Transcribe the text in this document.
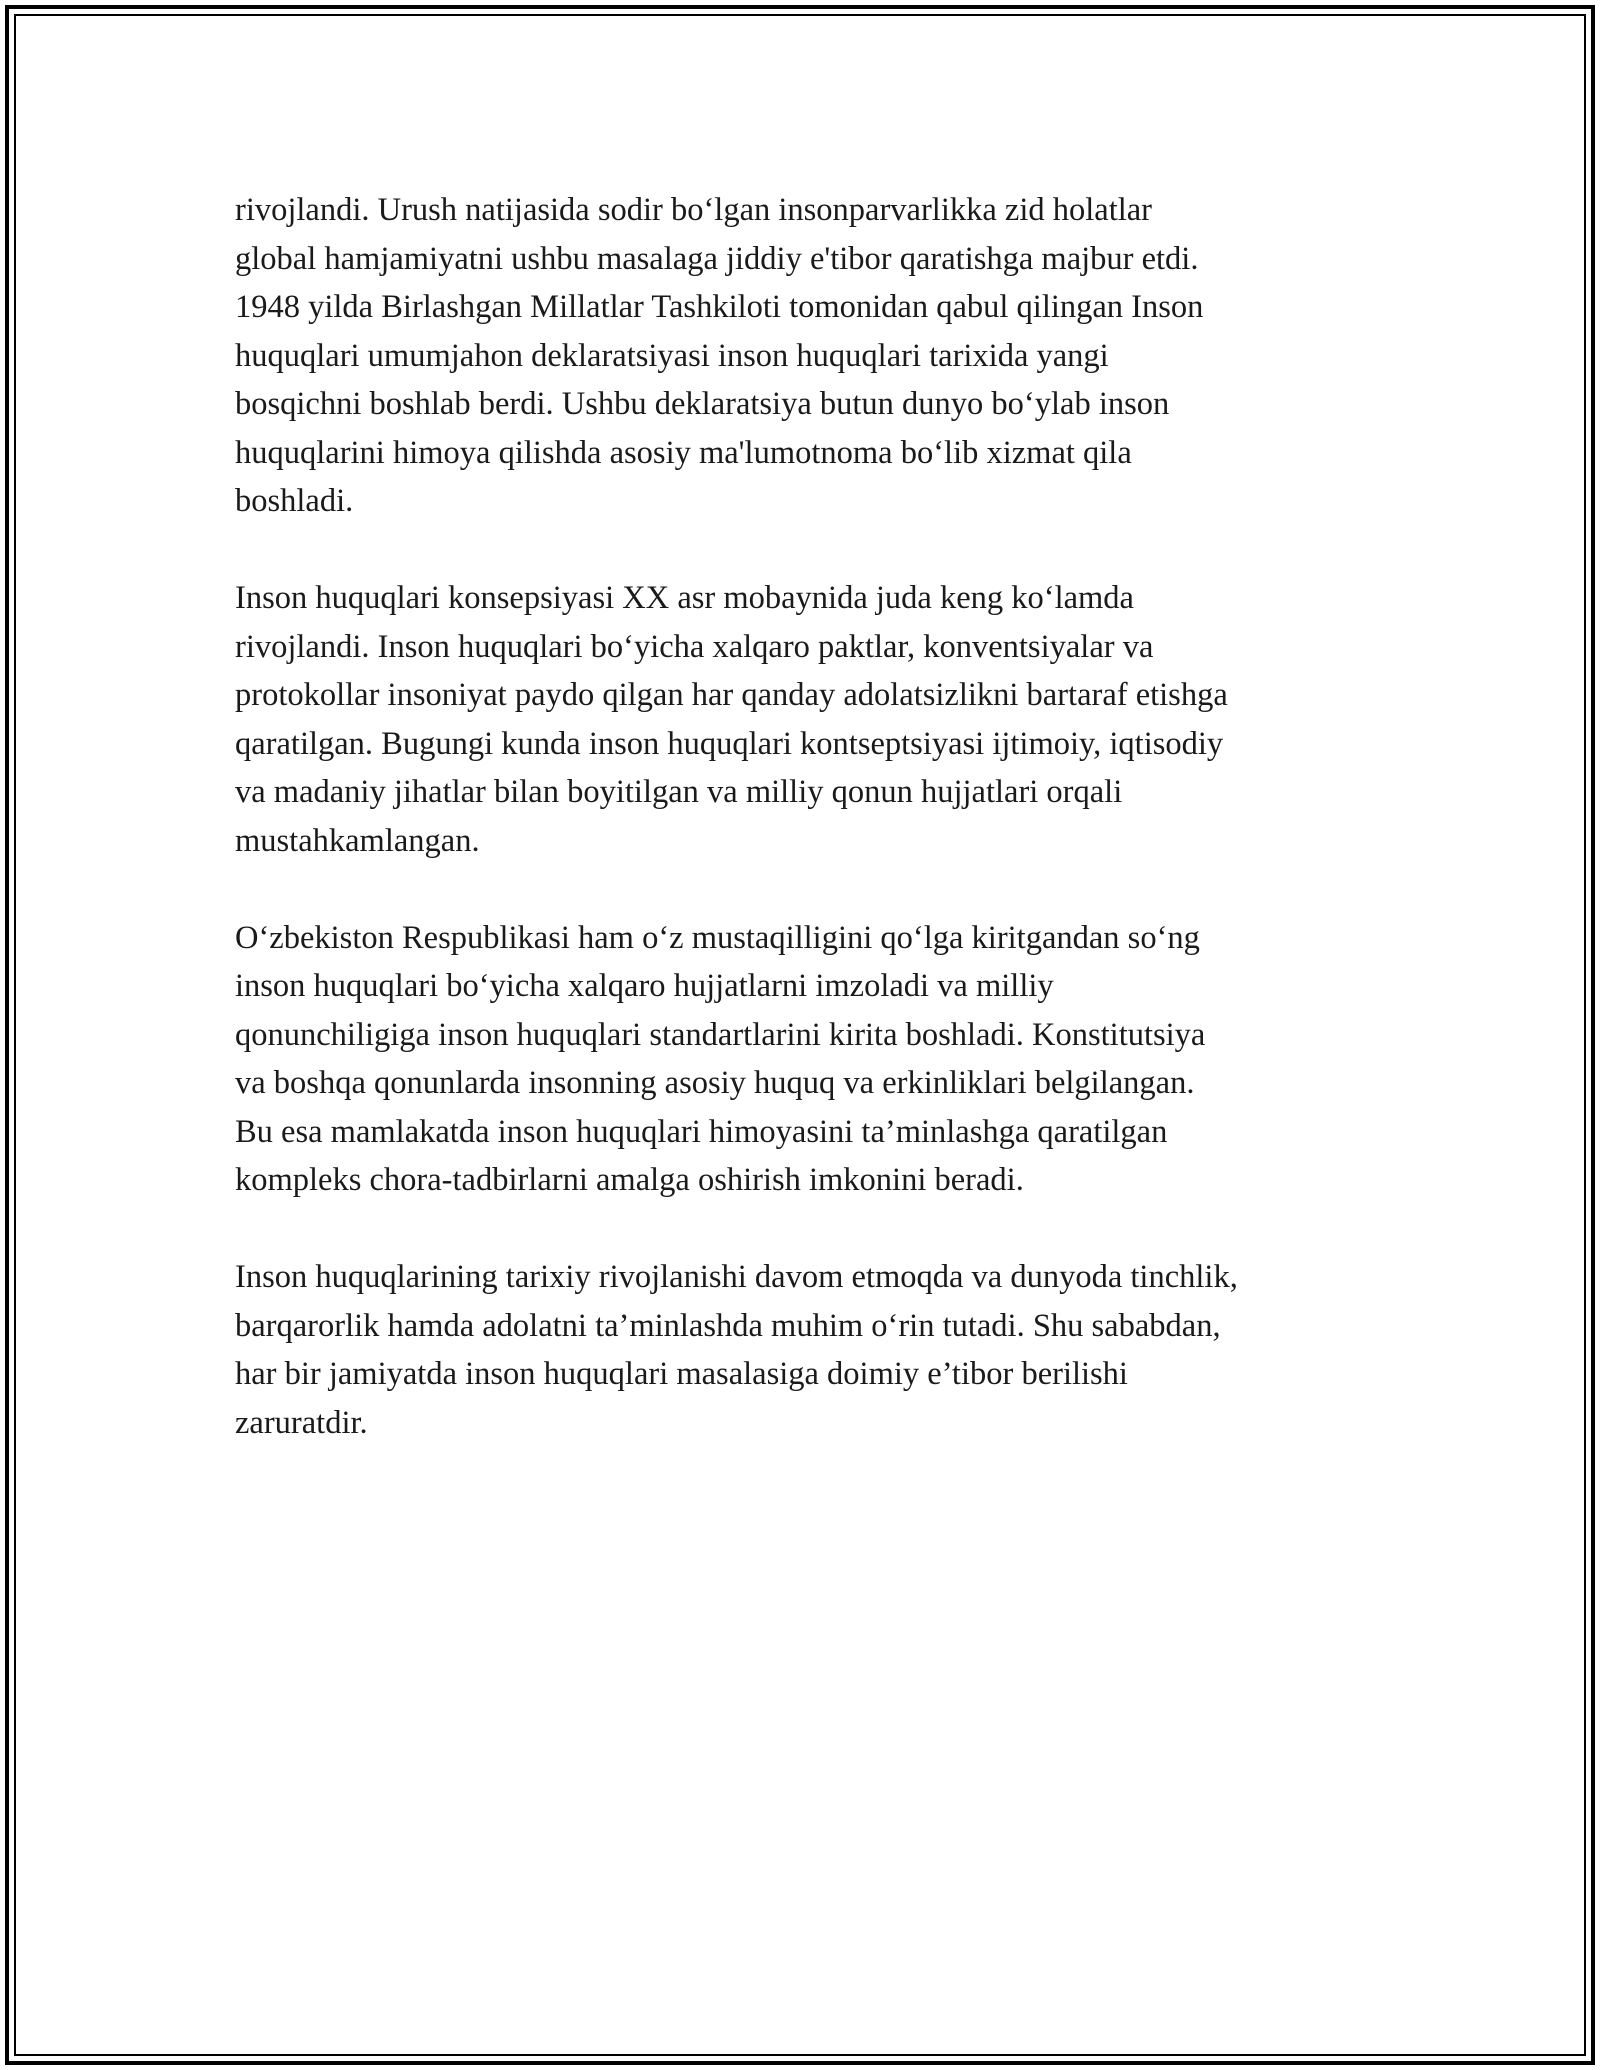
rivojlandi. Urush natijasida sodir bo‘lgan insonparvarlikka zid holatlar
global hamjamiyatni ushbu masalaga jiddiy e'tibor qaratishga majbur etdi.
1948 yilda Birlashgan Millatlar Tashkiloti tomonidan qabul qilingan Inson
huquqlari umumjahon deklaratsiyasi inson huquqlari tarixida yangi
bosqichni boshlab berdi. Ushbu deklaratsiya butun dunyo bo‘ylab inson
huquqlarini himoya qilishda asosiy ma'lumotnoma bo‘lib xizmat qila
boshladi.

Inson huquqlari konsepsiyasi XX asr mobaynida juda keng ko‘lamda
rivojlandi. Inson huquqlari bo‘yicha xalqaro paktlar, konventsiyalar va
protokollar insoniyat paydo qilgan har qanday adolatsizlikni bartaraf etishga
qaratilgan. Bugungi kunda inson huquqlari kontseptsiyasi ijtimoiy, iqtisodiy
va madaniy jihatlar bilan boyitilgan va milliy qonun hujjatlari orqali
mustahkamlangan.

O‘zbekiston Respublikasi ham o‘z mustaqilligini qo‘lga kiritgandan so‘ng
inson huquqlari bo‘yicha xalqaro hujjatlarni imzoladi va milliy
qonunchiligiga inson huquqlari standartlarini kirita boshladi. Konstitutsiya
va boshqa qonunlarda insonning asosiy huquq va erkinliklari belgilangan.
Bu esa mamlakatda inson huquqlari himoyasini ta’minlashga qaratilgan
kompleks chora-tadbirlarni amalga oshirish imkonini beradi.

Inson huquqlarining tarixiy rivojlanishi davom etmoqda va dunyoda tinchlik,
barqarorlik hamda adolatni ta’minlashda muhim o‘rin tutadi. Shu sababdan,
har bir jamiyatda inson huquqlari masalasiga doimiy e’tibor berilishi
zaruratdir.
